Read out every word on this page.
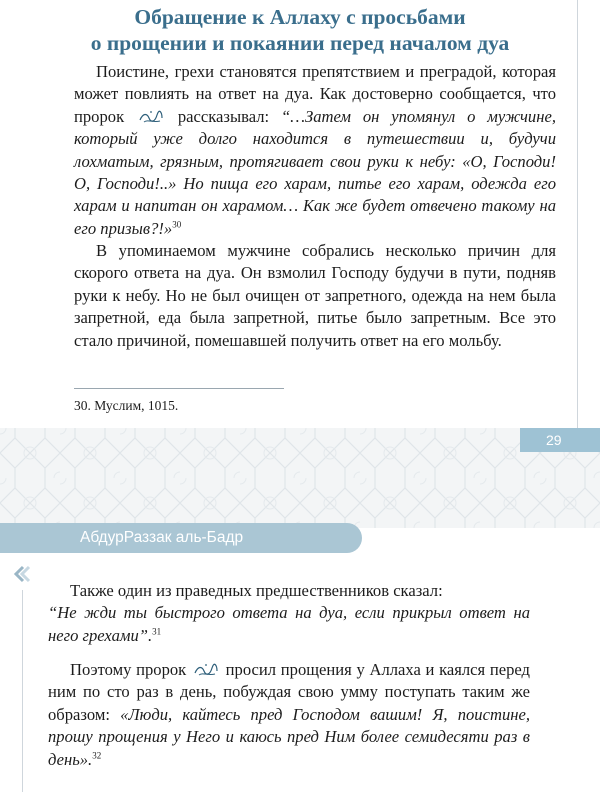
Обращение к Аллаху с просьбами
о прощении и покаянии перед началом дуа

Поистине, грехи становятся препятствием и преградой, которая может повлиять на ответ на дуа. Как достоверно сообщается, что пророк	рассказывал: “…Затем он упомянул о мужчине, который уже долго находится в путешествии и, будучи лохматым, грязным, протягивает свои руки к небу: «О, Господи! О, Господи!..» Но пища его харам, питье его харам, одежда его харам и напитан он харамом… Как же будет отвечено такому на его призыв?!»$^{30}$

В упоминаемом мужчине собрались несколько причин для скорого ответа на дуа. Он взмолил Господу будучи в пути, подняв руки к небу. Но не был очищен от запретного, одежда на нем была запретной, еда была запретной, питье было запретным. Все это стало причиной, помешавшей получить ответ на его мольбу.

30. Муслим, 1015.
29
АбдурРаззак аль-Бадр

Также один из праведных предшественников сказал:

“Не жди ты быстрого ответа на дуа, если прикрыл ответ на него грехами”.$^{31}$

Поэтому пророк просил прощения у Аллаха и каялся перед ним по сто раз в день, побуждая свою умму поступать таким же образом: «Люди, кайтесь пред Господом вашим! Я, поистине, прошу прощения у Него и каюсь пред Ним более семидесяти раз в день».$^{32}$
